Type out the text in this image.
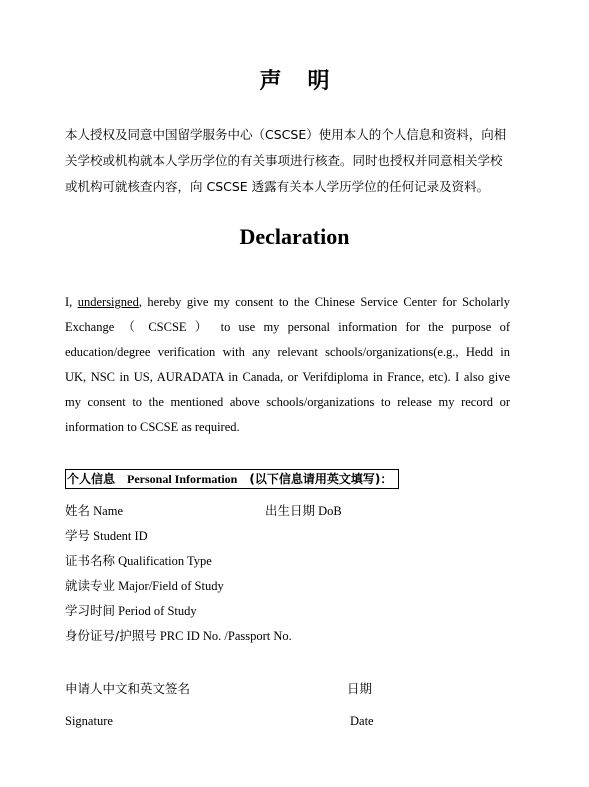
声明
本人授权及同意中国留学服务中心（CSCSE）使用本人的个人信息和资料，向相
关学校或机构就本人学历学位的有关事项进行核查。同时也授权并同意相关学校
或机构可就核查内容，向 CSCSE 透露有关本人学历学位的任何记录及资料。
Declaration
I, undersigned, hereby give my consent to the Chinese Service Center for Scholarly
Exchange （ CSCSE ） to use my personal information for the purpose of
education/degree verification with any relevant schools/organizations(e.g., Hedd in
UK, NSC in US, AURADATA in Canada, or Verifdiploma in France, etc). I also give
my consent to the mentioned above schools/organizations to release my record or
information to CSCSE as required.
个人信息 Personal Information (以下信息请用英文填写)：
姓名 Name	出生日期 DoB
学号 Student ID
证书名称 Qualification Type
就读专业 Major/Field of Study
学习时间 Period of Study
身份证号/护照号 PRC ID No. /Passport No.
申请人中文和英文签名	日期
Signature	Date
